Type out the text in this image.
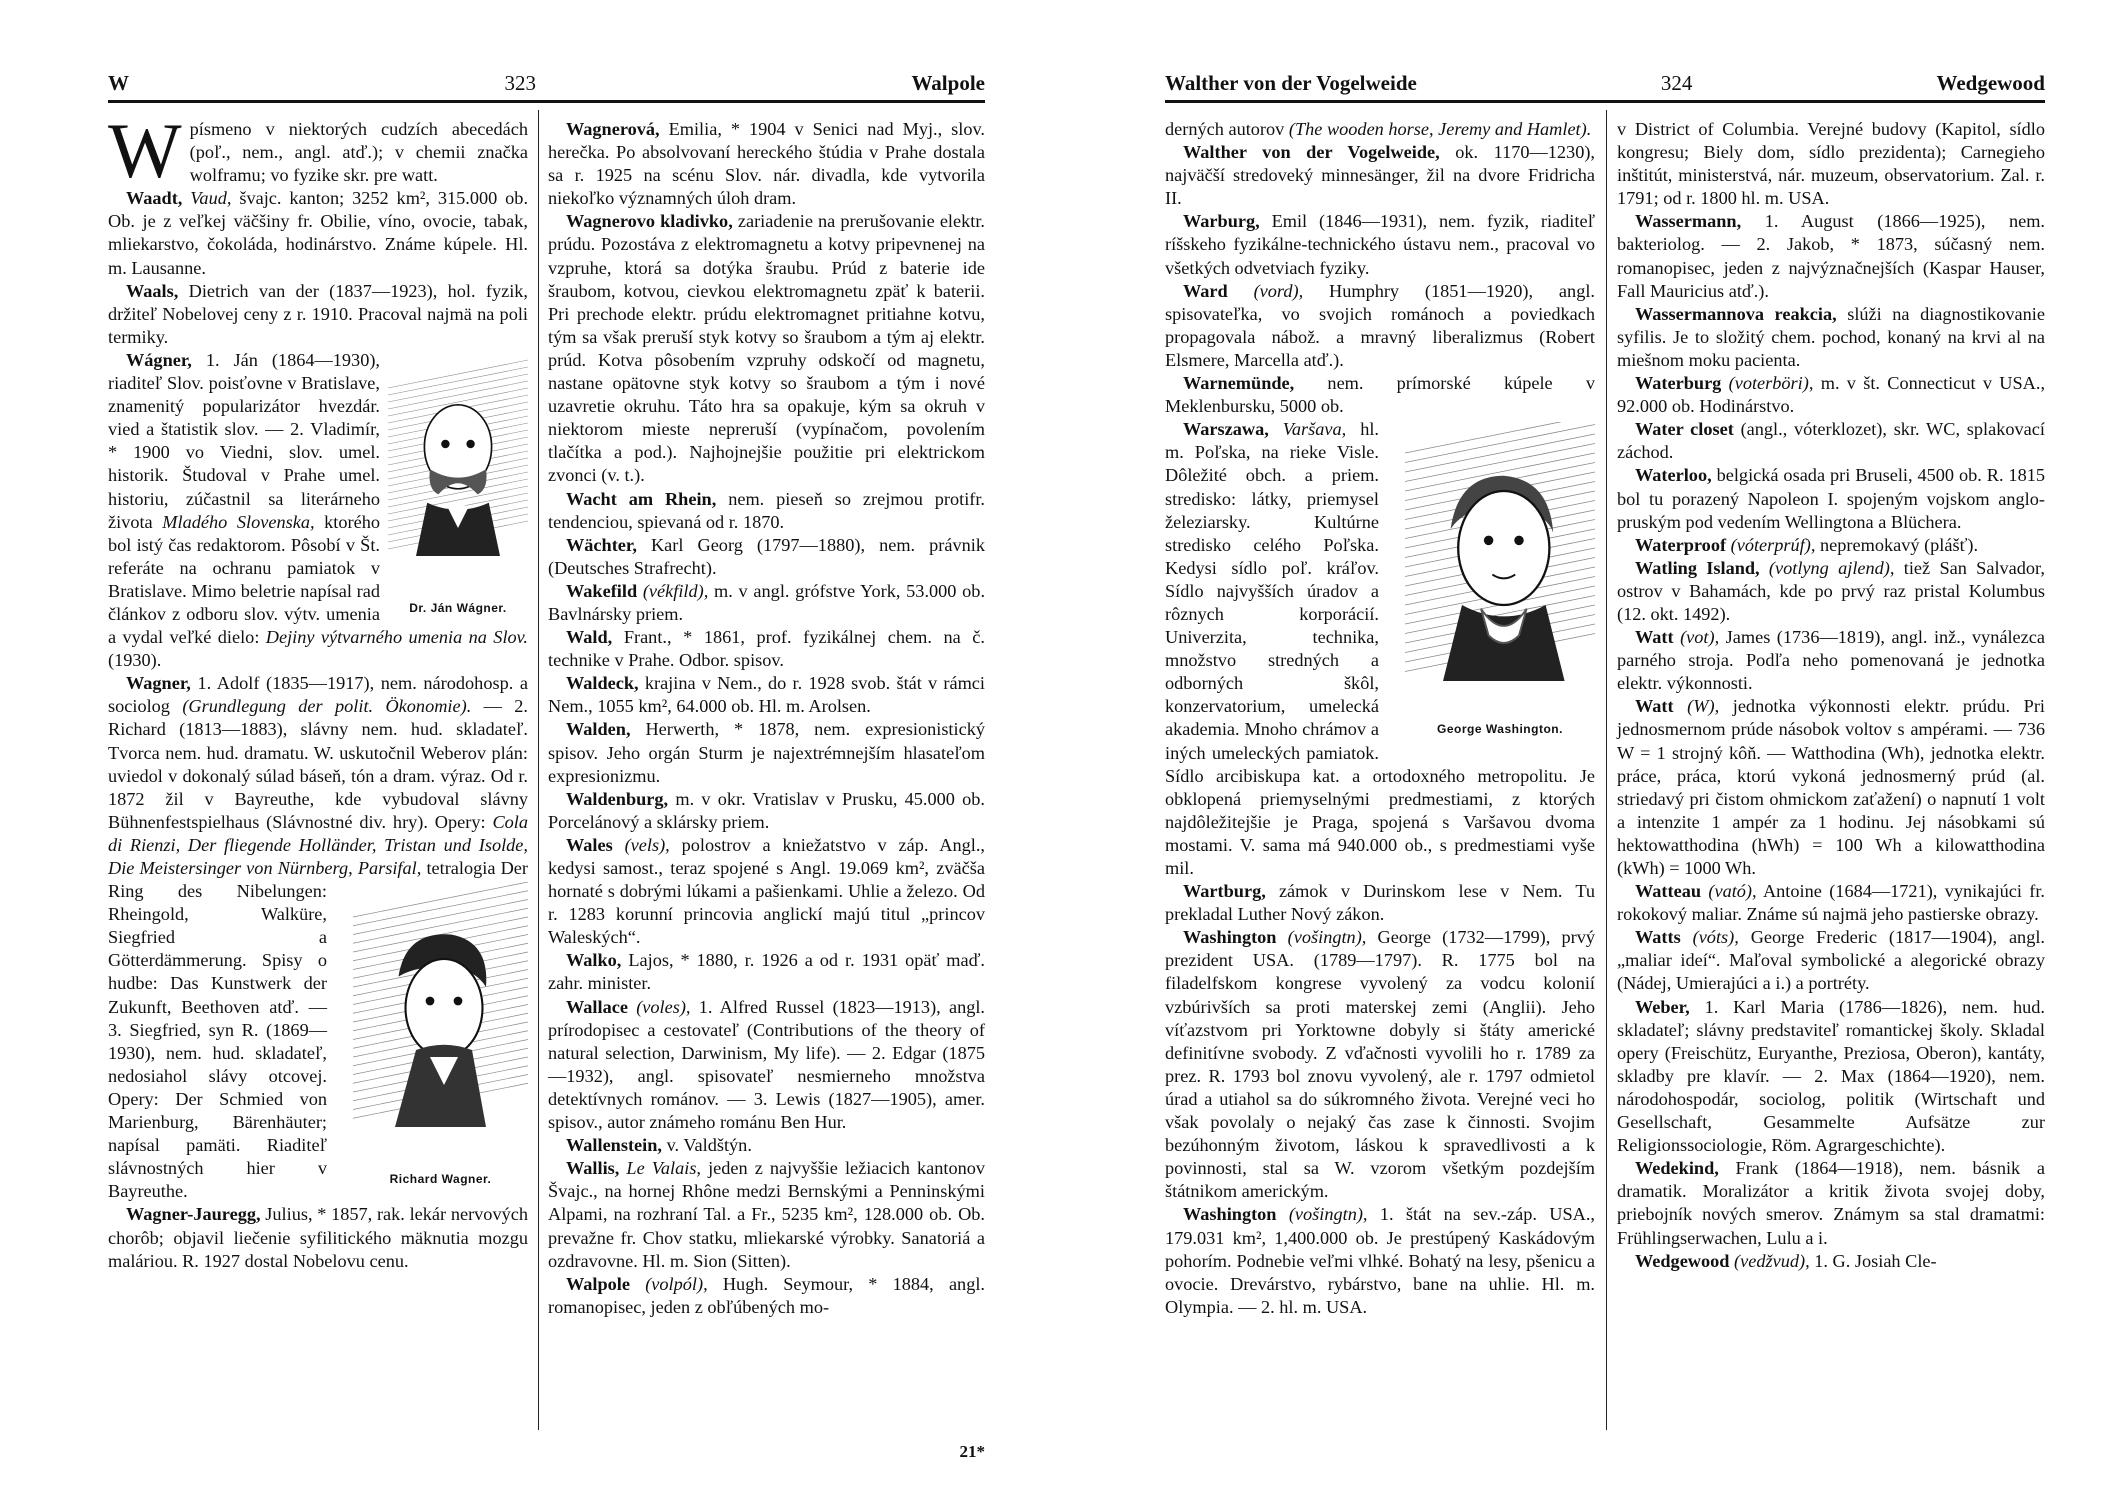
W	323	Walpole

Wpísmeno v niektorých cudzích abecedách (poľ., nem., angl. atď.); v chemii značka wolframu; vo fyzike skr. pre watt.

Waadt, Vaud, švajc. kanton; 3252 km², 315.000 ob. Ob. je z veľkej väčšiny fr. Obilie, víno, ovocie, tabak, mliekarstvo, čokoláda, hodinárstvo. Známe kúpele. Hl. m. Lausanne.

Waals, Dietrich van der (1837—1923), hol. fyzik, držiteľ Nobelovej ceny z r. 1910. Pracoval najmä na poli termiky.

Dr. Ján Wágner.

Wágner, 1. Ján (1864—1930), riaditeľ Slov. poisťovne v Bratislave, znamenitý popularizátor hvezdár. vied a štatistik slov. — 2. Vladimír, * 1900 vo Viedni, slov. umel. historik. Študoval v Prahe umel. historiu, zúčastnil sa literárneho života Mladého Slovenska, ktorého bol istý čas redaktorom. Pôsobí v Št. referáte na ochranu pamiatok v Bratislave. Mimo beletrie napísal rad článkov z odboru slov. výtv. umenia a vydal veľké dielo: Dejiny výtvarného umenia na Slov. (1930).

Wagner, 1. Adolf (1835—1917), nem. národohosp. a sociolog (Grundlegung der polit. Ökonomie). — 2. Richard (1813—1883), slávny nem. hud. skladateľ. Tvorca nem. hud. dramatu. W. uskutočnil Weberov plán: uviedol v dokonalý súlad báseň, tón a dram. výraz. Od r. 1872 žil v Bayreuthe, kde vybudoval slávny Bühnenfestspielhaus (Slávnostné div. hry). Opery: Cola di Rienzi, Der fliegende Holländer, Tristan und Isolde, Die Meistersinger von Nürnberg, Parsifal,
Richard Wagner.
tetralogia Der Ring des Nibelungen: Rheingold, Walküre, Siegfried a Götterdämmerung. Spisy o hudbe: Das Kunstwerk der Zukunft, Beethoven atď. — 3. Siegfried, syn R. (1869—1930), nem. hud. skladateľ, nedosiahol slávy otcovej. Opery: Der Schmied von Marienburg, Bärenhäuter; napísal pamäti. Riaditeľ slávnostných hier v Bayreuthe.

Wagner-Jauregg, Julius, * 1857, rak. lekár nervových chorôb; objavil liečenie syfilitického mäknutia mozgu maláriou. R. 1927 dostal Nobelovu cenu.

Wagnerová, Emilia, * 1904 v Senici nad Myj., slov. herečka. Po absolvovaní hereckého štúdia v Prahe dostala sa r. 1925 na scénu Slov. nár. divadla, kde vytvorila niekoľko významných úloh dram.

Wagnerovo kladivko, zariadenie na prerušovanie elektr. prúdu. Pozostáva z elektromagnetu a kotvy pripevnenej na vzpruhe, ktorá sa dotýka šraubu. Prúd z baterie ide šraubom, kotvou, cievkou elektromagnetu zpäť k baterii. Pri prechode elektr. prúdu elektromagnet pritiahne kotvu, tým sa však preruší styk kotvy so šraubom a tým aj elektr. prúd. Kotva pôsobením vzpruhy odskočí od magnetu, nastane opätovne styk kotvy so šraubom a tým i nové uzavretie okruhu. Táto hra sa opakuje, kým sa okruh v niektorom mieste nepreruší (vypínačom, povolením tlačítka a pod.). Najhojnejšie použitie pri elektrickom zvonci (v. t.).

Wacht am Rhein, nem. pieseň so zrejmou protifr. tendenciou, spievaná od r. 1870.

Wächter, Karl Georg (1797—1880), nem. právnik (Deutsches Strafrecht).

Wakefild (vékfild), m. v angl. grófstve York, 53.000 ob. Bavlnársky priem.

Wald, Frant., * 1861, prof. fyzikálnej chem. na č. technike v Prahe. Odbor. spisov.

Waldeck, krajina v Nem., do r. 1928 svob. štát v rámci Nem., 1055 km², 64.000 ob. Hl. m. Arolsen.

Walden, Herwerth, * 1878, nem. expresionistický spisov. Jeho orgán Sturm je najextrémnejším hlasateľom expresionizmu.

Waldenburg, m. v okr. Vratislav v Prusku, 45.000 ob. Porcelánový a sklársky priem.

Wales (vels), polostrov a kniežatstvo v záp. Angl., kedysi samost., teraz spojené s Angl. 19.069 km², zväčša hornaté s dobrými lúkami a pašienkami. Uhlie a železo. Od r. 1283 korunní princovia anglickí majú titul „princov Waleských“.

Walko, Lajos, * 1880, r. 1926 a od r. 1931 opäť maď. zahr. minister.

Wallace (voles), 1. Alfred Russel (1823—1913), angl. prírodopisec a cestovateľ (Contributions of the theory of natural selection, Darwinism, My life). — 2. Edgar (1875—1932), angl. spisovateľ nesmierneho množstva detektívnych románov. — 3. Lewis (1827—1905), amer. spisov., autor známeho románu Ben Hur.

Wallenstein, v. Valdštýn.

Wallis, Le Valais, jeden z najvyššie ležiacich kantonov Švajc., na hornej Rhône medzi Bernskými a Penninskými Alpami, na rozhraní Tal. a Fr., 5235 km², 128.000 ob. Ob. prevažne fr. Chov statku, mliekarské výrobky. Sanatoriá a ozdravovne. Hl. m. Sion (Sitten).

Walpole (volpól), Hugh. Seymour, * 1884, angl. romanopisec, jeden z obľúbených mo-

21*
Walther von der Vogelweide	324	Wedgewood

derných autorov (The wooden horse, Jeremy and Hamlet).

Walther von der Vogelweide, ok. 1170—1230), najväčší stredoveký minnesänger, žil na dvore Fridricha II.

Warburg, Emil (1846—1931), nem. fyzik, riaditeľ ríšskeho fyzikálne-technického ústavu nem., pracoval vo všetkých odvetviach fyziky.

Ward (vord), Humphry (1851—1920), angl. spisovateľka, vo svojich románoch a poviedkach propagovala nábož. a mravný liberalizmus (Robert Elsmere, Marcella atď.).

Warnemünde, nem. prímorské kúpele v Meklenbursku, 5000 ob.

Warszawa, Varšava,
George Washington.
hl. m. Poľska, na rieke Visle. Dôležité obch. a priem. stredisko: látky, priemysel železiarsky. Kultúrne stredisko celého Poľska. Kedysi sídlo poľ. kráľov. Sídlo najvyšších úradov a rôznych korporácií. Univerzita, technika, množstvo stredných a odborných škôl, konzervatorium, umelecká akademia. Mnoho chrámov a iných umeleckých pamiatok. Sídlo arcibiskupa kat. a ortodoxného metropolitu. Je obklopená priemyselnými predmestiami, z ktorých najdôležitejšie je Praga, spojená s Varšavou dvoma mostami. V. sama má 940.000 ob., s predmestiami vyše mil.

Wartburg, zámok v Durinskom lese v Nem. Tu prekladal Luther Nový zákon.

Washington (vošingtn), George (1732—1799), prvý prezident USA. (1789—1797). R. 1775 bol na filadelfskom kongrese vyvolený za vodcu kolonií vzbúrivších sa proti materskej zemi (Anglii). Jeho víťazstvom pri Yorktowne dobyly si štáty americké definitívne svobody. Z vďačnosti vyvolili ho r. 1789 za prez. R. 1793 bol znovu vyvolený, ale r. 1797 odmietol úrad a utiahol sa do súkromného života. Verejné veci ho však povolaly o nejaký čas zase k činnosti. Svojim bezúhonným životom, láskou k spravedlivosti a k povinnosti, stal sa W. vzorom všetkým pozdejším štátnikom americkým.

Washington (vošingtn), 1. štát na sev.-záp. USA., 179.031 km², 1,400.000 ob. Je prestúpený Kaskádovým pohorím. Podnebie veľmi vlhké. Bohatý na lesy, pšenicu a ovocie. Drevárstvo, rybárstvo, bane na uhlie. Hl. m. Olympia. — 2. hl. m. USA.

v District of Columbia. Verejné budovy (Kapitol, sídlo kongresu; Biely dom, sídlo prezidenta); Carnegieho inštitút, ministerstvá, nár. muzeum, observatorium. Zal. r. 1791; od r. 1800 hl. m. USA.

Wassermann, 1. August (1866—1925), nem. bakteriolog. — 2. Jakob, * 1873, súčasný nem. romanopisec, jeden z najvýznačnejších (Kaspar Hauser, Fall Mauricius atď.).

Wassermannova reakcia, slúži na diagnostikovanie syfilis. Je to složitý chem. pochod, konaný na krvi al na miešnom moku pacienta.

Waterburg (voterböri), m. v št. Connecticut v USA., 92.000 ob. Hodinárstvo.

Water closet (angl., vóterklozet), skr. WC, splakovací záchod.

Waterloo, belgická osada pri Bruseli, 4500 ob. R. 1815 bol tu porazený Napoleon I. spojeným vojskom anglo-pruským pod vedením Wellingtona a Blüchera.

Waterproof (vóterprúf), nepremokavý (plášť).

Watling Island, (votlyng ajlend), tiež San Salvador, ostrov v Bahamách, kde po prvý raz pristal Kolumbus (12. okt. 1492).

Watt (vot), James (1736—1819), angl. inž., vynálezca parného stroja. Podľa neho pomenovaná je jednotka elektr. výkonnosti.

Watt (W), jednotka výkonnosti elektr. prúdu. Pri jednosmernom prúde násobok voltov s ampérami. — 736 W = 1 strojný kôň. — Watthodina (Wh), jednotka elektr. práce, práca, ktorú vykoná jednosmerný prúd (al. striedavý pri čistom ohmickom zaťažení) o napnutí 1 volt a intenzite 1 ampér za 1 hodinu. Jej násobkami sú hektowatthodina (hWh) = 100 Wh a kilowatthodina (kWh) = 1000 Wh.

Watteau (vató), Antoine (1684—1721), vynikajúci fr. rokokový maliar. Známe sú najmä jeho pastierske obrazy.

Watts (vóts), George Frederic (1817—1904), angl. „maliar ideí“. Maľoval symbolické a alegorické obrazy (Nádej, Umierajúci a i.) a portréty.

Weber, 1. Karl Maria (1786—1826), nem. hud. skladateľ; slávny predstaviteľ romantickej školy. Skladal opery (Freischütz, Euryanthe, Preziosa, Oberon), kantáty, skladby pre klavír. — 2. Max (1864—1920), nem. národohospodár, sociolog, politik (Wirtschaft und Gesellschaft, Gesammelte Aufsätze zur Religionssociologie, Röm. Agrargeschichte).

Wedekind, Frank (1864—1918), nem. básnik a dramatik. Moralizátor a kritik života svojej doby, priebojník nových smerov. Známym sa stal dramatmi: Frühlingserwachen, Lulu a i.

Wedgewood (vedžvud), 1. G. Josiah Cle-
